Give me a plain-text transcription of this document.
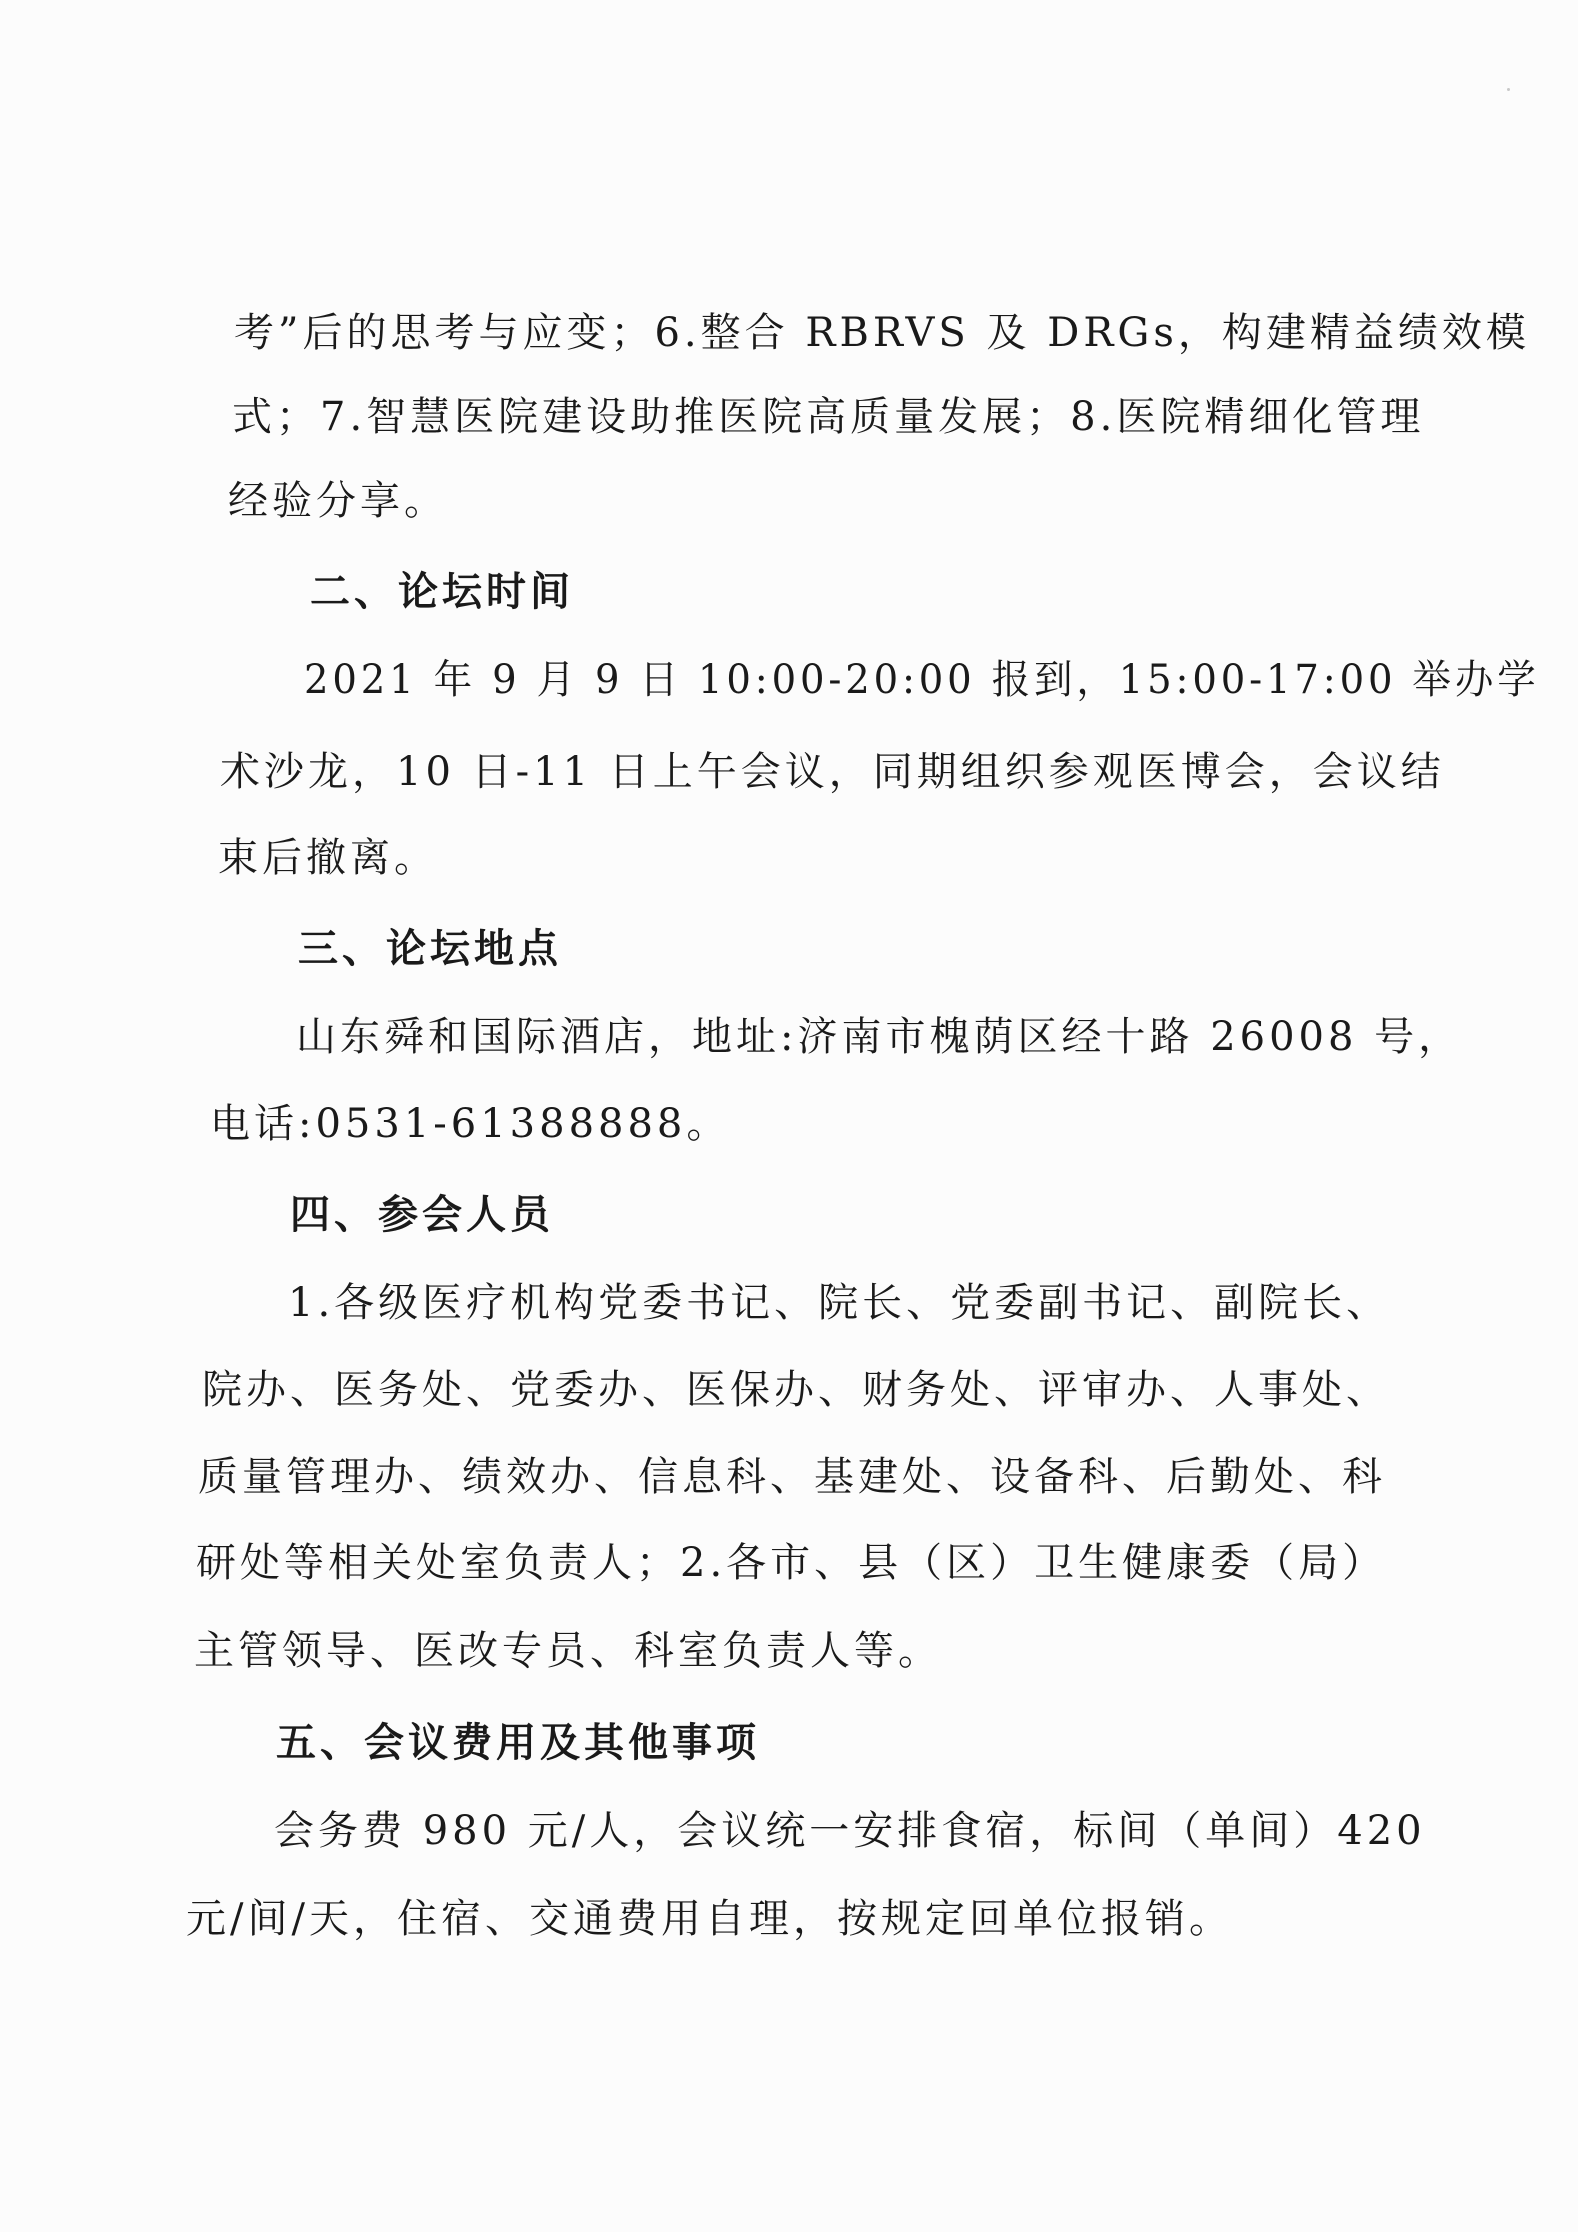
考”后的思考与应变；6.整合 RBRVS 及 DRGs，构建精益绩效模
式；7.智慧医院建设助推医院高质量发展；8.医院精细化管理
经验分享。
二、论坛时间
2021 年 9 月 9 日 10:00-20:00 报到，15:00-17:00 举办学
术沙龙，10 日-11 日上午会议，同期组织参观医博会，会议结
束后撤离。
三、论坛地点
山东舜和国际酒店，地址:济南市槐荫区经十路 26008 号，
电话:0531-61388888。
四、参会人员
1.各级医疗机构党委书记、院长、党委副书记、副院长、
院办、医务处、党委办、医保办、财务处、评审办、人事处、
质量管理办、绩效办、信息科、基建处、设备科、后勤处、科
研处等相关处室负责人；2.各市、县（区）卫生健康委（局）
主管领导、医改专员、科室负责人等。
五、会议费用及其他事项
会务费 980 元/人，会议统一安排食宿，标间（单间）420
元/间/天，住宿、交通费用自理，按规定回单位报销。
